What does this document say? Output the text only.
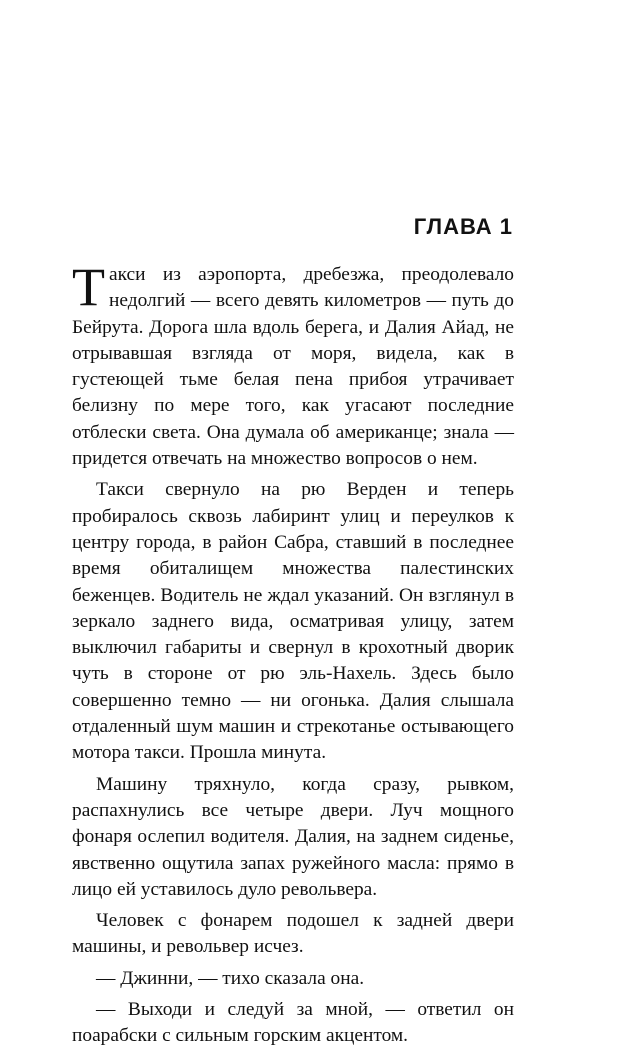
ГЛАВА 1

Такси из аэропорта, дребезжа, преодолевало недолгий — всего девять километров — путь до Бейрута. Дорога шла вдоль берега, и Далия Айад, не отрывавшая взгляда от моря, видела, как в густеющей тьме белая пена прибоя утрачивает белизну по мере того, как угасают последние отблески света. Она думала об американце; знала — придется отвечать на множество вопросов о нем.

Такси свернуло на рю Верден и теперь пробиралось сквозь лабиринт улиц и переулков к центру города, в район Сабра, ставший в последнее время обиталищем множества палестинских беженцев. Водитель не ждал указаний. Он взглянул в зеркало заднего вида, осматривая улицу, затем выключил габариты и свернул в крохотный дворик чуть в стороне от рю эль-Нахель. Здесь было совершенно темно — ни огонька. Далия слышала отдаленный шум машин и стрекотанье остывающего мотора такси. Прошла минута.

Машину тряхнуло, когда сразу, рывком, распахнулись все четыре двери. Луч мощного фонаря ослепил водителя. Далия, на заднем сиденье, явственно ощутила запах ружейного масла: прямо в лицо ей уставилось дуло револьвера.

Человек с фонарем подошел к задней двери машины, и револьвер исчез.

— Джинни, — тихо сказала она.

— Выходи и следуй за мной, — ответил он поарабски с сильным горским акцентом.
